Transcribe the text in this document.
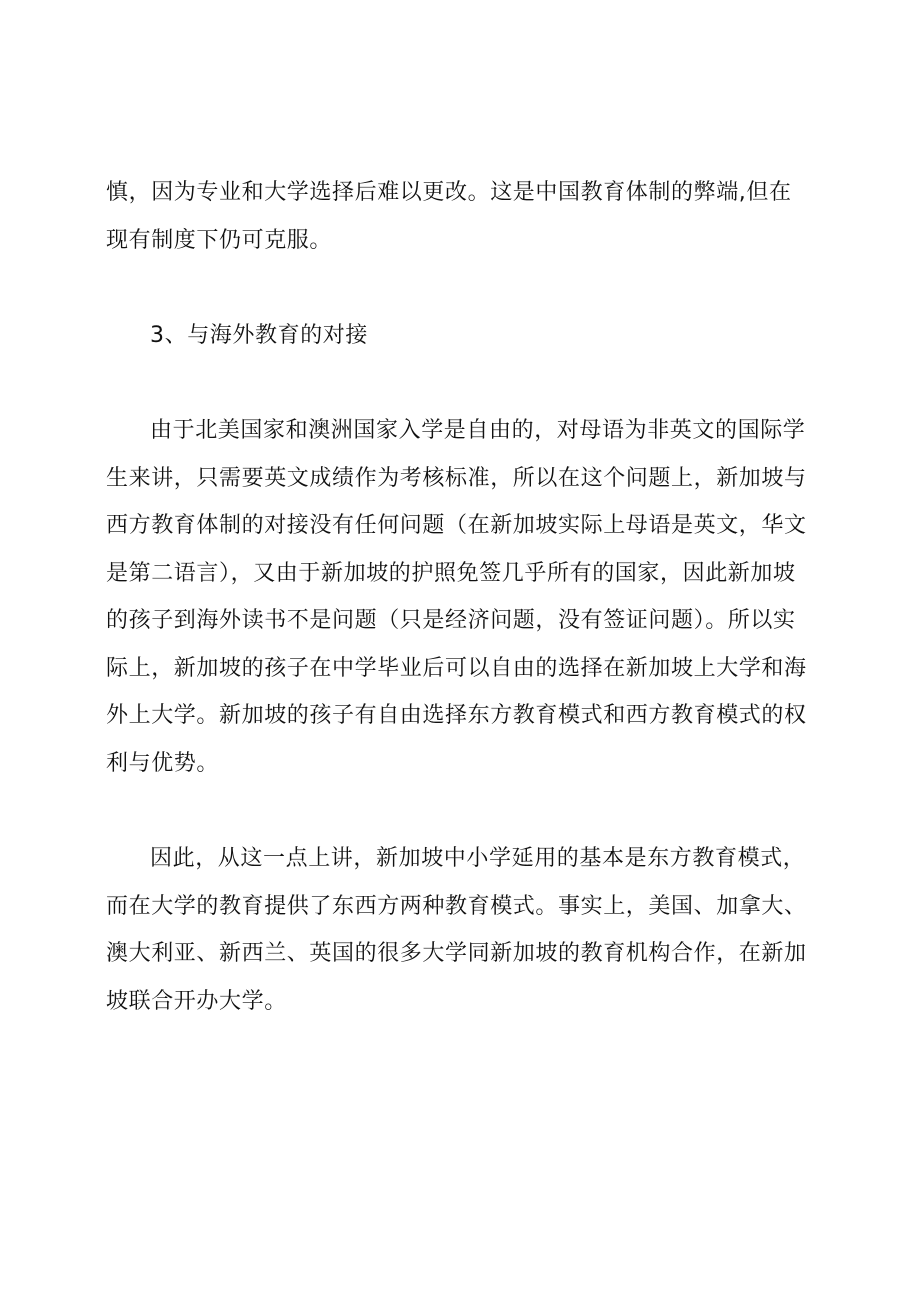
慎，因为专业和大学选择后难以更改。这是中国教育体制的弊端,但在
现有制度下仍可克服。
3、与海外教育的对接
由于北美国家和澳洲国家入学是自由的，对母语为非英文的国际学
生来讲，只需要英文成绩作为考核标准，所以在这个问题上，新加坡与
西方教育体制的对接没有任何问题（在新加坡实际上母语是英文，华文
是第二语言），又由于新加坡的护照免签几乎所有的国家，因此新加坡
的孩子到海外读书不是问题（只是经济问题，没有签证问题）。所以实
际上，新加坡的孩子在中学毕业后可以自由的选择在新加坡上大学和海
外上大学。新加坡的孩子有自由选择东方教育模式和西方教育模式的权
利与优势。
因此，从这一点上讲，新加坡中小学延用的基本是东方教育模式，
而在大学的教育提供了东西方两种教育模式。事实上，美国、加拿大、
澳大利亚、新西兰、英国的很多大学同新加坡的教育机构合作，在新加
坡联合开办大学。
